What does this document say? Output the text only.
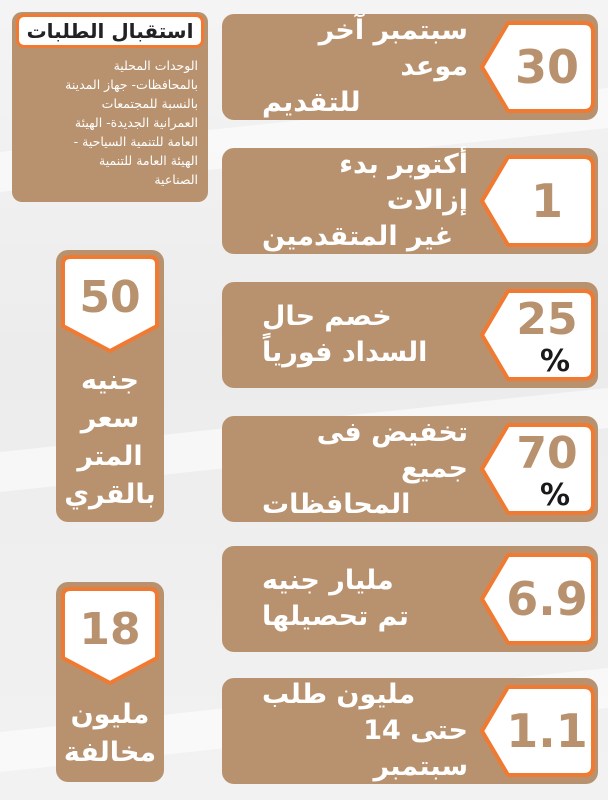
استقبال الطلبات
الوحدات المحلية
بالمحافظات- جهاز المدينة
بالنسبة للمجتمعات
العمرانية الجديدة- الهيئة
العامة للتنمية السياحية -
الهيئة العامة للتنمية
الصناعية
50
جنيه
سعر
المتر
بالقري
18
مليون
مخالفة
سبتمبر آخر موعد
للتقديم
30
أكتوبر بدء إزالات
غير المتقدمين
1
خصم حال
السداد فورياً
25
%
تخفيض فى جميع
المحافظات
70
%
مليار جنيه
تم تحصيلها 6.9
مليون طلب
حتى 14 سبتمبر
1.1
